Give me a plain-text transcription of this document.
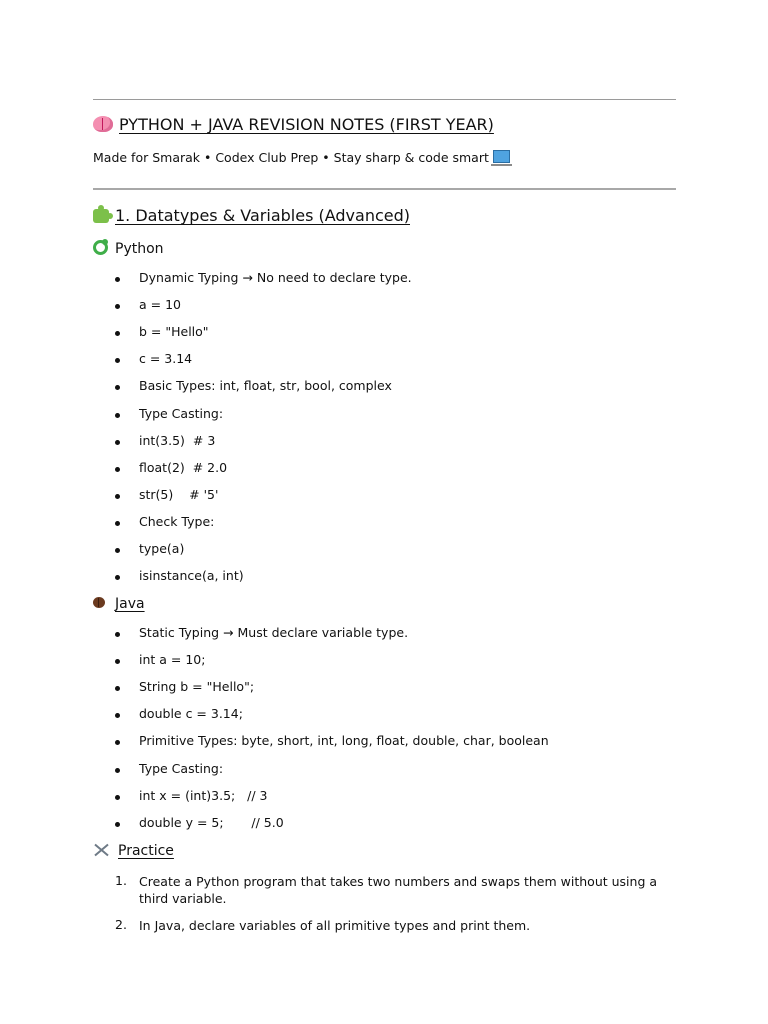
PYTHON + JAVA REVISION NOTES (FIRST YEAR)
Made for Smarak • Codex Club Prep • Stay sharp & code smart
1. Datatypes & Variables (Advanced)
Python
Dynamic Typing → No need to declare type.
a = 10
b = "Hello"
c = 3.14
Basic Types: int, float, str, bool, complex
Type Casting:
int(3.5)  # 3
float(2)  # 2.0
str(5)    # '5'
Check Type:
type(a)
isinstance(a, int)
Java
Static Typing → Must declare variable type.
int a = 10;
String b = "Hello";
double c = 3.14;
Primitive Types: byte, short, int, long, float, double, char, boolean
Type Casting:
int x = (int)3.5;   // 3
double y = 5;       // 5.0
Practice
1. Create a Python program that takes two numbers and swaps them without using a third variable.
2. In Java, declare variables of all primitive types and print them.
